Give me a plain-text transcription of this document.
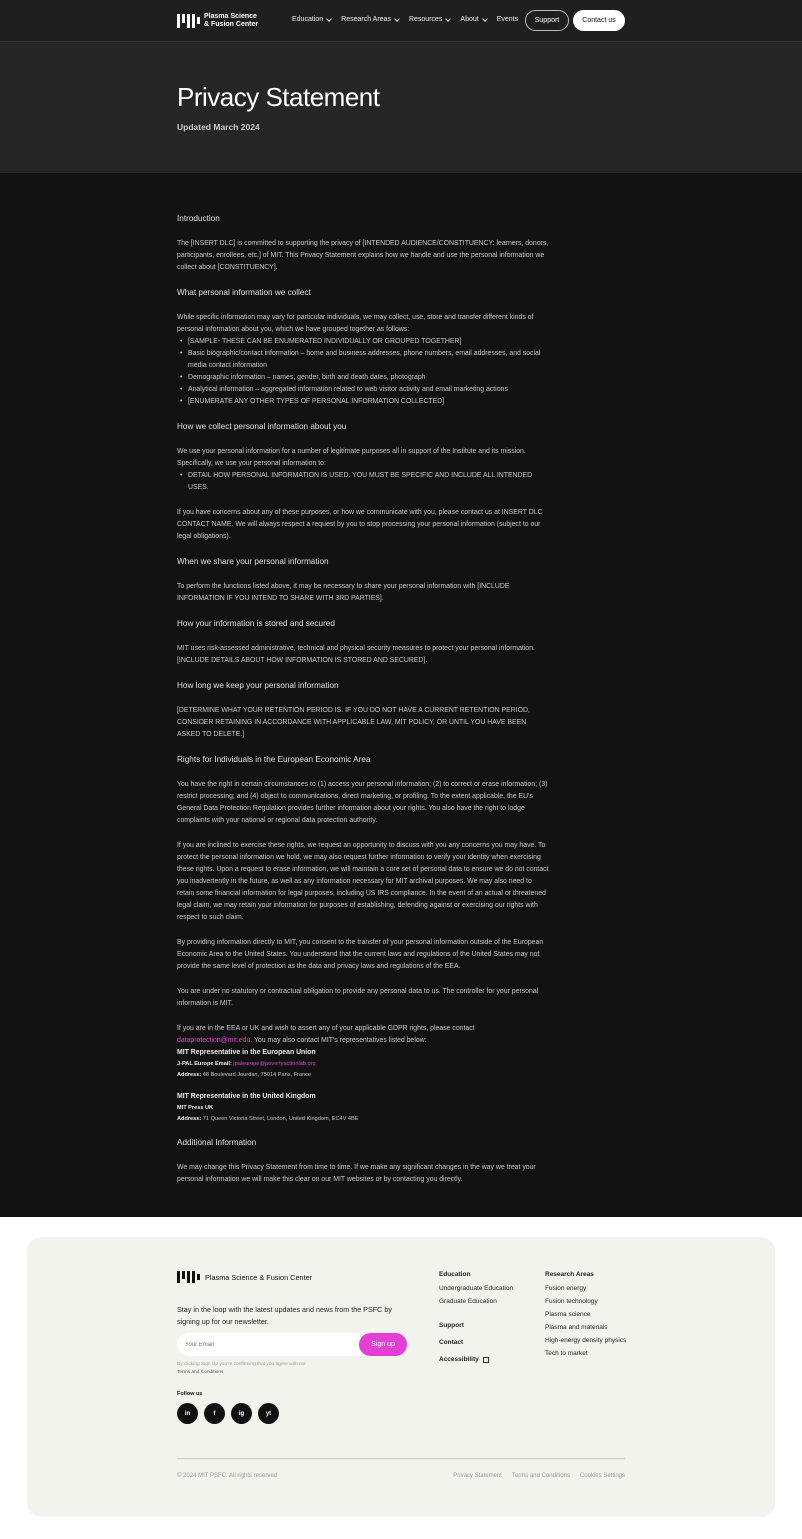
Plasma Science
& Fusion Center
Education	Research Areas	Resources	About	Events	Support	Contact us
Privacy Statement
Updated March 2024
Introduction
The [INSERT DLC] is committed to supporting the privacy of [INTENDED AUDIENCE/CONSTITUENCY: learners, donors, participants, enrollees, etc.] of MIT. This Privacy Statement explains how we handle and use the personal information we collect about [CONSTITUENCY].
What personal information we collect
While specific information may vary for particular individuals, we may collect, use, store and transfer different kinds of personal information about you, which we have grouped together as follows:
• [SAMPLE- THESE CAN BE ENUMERATED INDIVIDUALLY OR GROUPED TOGETHER]
• Basic biographic/contact information – home and business addresses, phone numbers, email addresses, and social media contact information
• Demographic information – names, gender, birth and death dates, photograph
• Analytical information – aggregated information related to web visitor activity and email marketing actions
• [ENUMERATE ANY OTHER TYPES OF PERSONAL INFORMATION COLLECTED]
How we collect personal information about you
We use your personal information for a number of legitimate purposes all in support of the Institute and its mission. Specifically, we use your personal information to:
• DETAIL HOW PERSONAL INFORMATION IS USED. YOU MUST BE SPECIFIC AND INCLUDE ALL INTENDED USES.
If you have concerns about any of these purposes, or how we communicate with you, please contact us at INSERT DLC CONTACT NAME. We will always respect a request by you to stop processing your personal information (subject to our legal obligations).
When we share your personal information
To perform the functions listed above, it may be necessary to share your personal information with [INCLUDE INFORMATION IF YOU INTEND TO SHARE WITH 3RD PARTIES].
How your information is stored and secured
MIT uses risk-assessed administrative, technical and physical security measures to protect your personal information. [INCLUDE DETAILS ABOUT HOW INFORMATION IS STORED AND SECURED].
How long we keep your personal information
[DETERMINE WHAT YOUR RETENTION PERIOD IS. IF YOU DO NOT HAVE A CURRENT RETENTION PERIOD, CONSIDER RETAINING IN ACCORDANCE WITH APPLICABLE LAW, MIT POLICY, OR UNTIL YOU HAVE BEEN ASKED TO DELETE.]
Rights for Individuals in the European Economic Area
You have the right in certain circumstances to (1) access your personal information; (2) to correct or erase information; (3) restrict processing; and (4) object to communications, direct marketing, or profiling. To the extent applicable, the EU's General Data Protection Regulation provides further information about your rights. You also have the right to lodge complaints with your national or regional data protection authority.
If you are inclined to exercise these rights, we request an opportunity to discuss with you any concerns you may have. To protect the personal information we hold, we may also request further information to verify your identity when exercising these rights. Upon a request to erase information, we will maintain a core set of personal data to ensure we do not contact you inadvertently in the future, as well as any information necessary for MIT archival purposes. We may also need to retain some financial information for legal purposes, including US IRS compliance. In the event of an actual or threatened legal claim, we may retain your information for purposes of establishing, defending against or exercising our rights with respect to such claim.
By providing information directly to MIT, you consent to the transfer of your personal information outside of the European Economic Area to the United States. You understand that the current laws and regulations of the United States may not provide the same level of protection as the data and privacy laws and regulations of the EEA.
You are under no statutory or contractual obligation to provide any personal data to us. The controller for your personal information is MIT.
If you are in the EEA or UK and wish to assert any of your applicable GDPR rights, please contact dataprotection@mit.edu. You may also contact MIT's representatives listed below:
MIT Representative in the European Union
J-PAL Europe Email: jpaleurope@povertyactionlab.org
Address: 48 Boulevard Jourdan, 75014 Paris, France
MIT Representative in the United Kingdom
MIT Press UK
Address: 71 Queen Victoria Street, London, United Kingdom, EC4V 4BE
Additional Information
We may change this Privacy Statement from time to time. If we make any significant changes in the way we treat your personal information we will make this clear on our MIT websites or by contacting you directly.
Plasma Science & Fusion Center
Stay in the loop with the latest updates and news from the PSFC by signing up for our newsletter.
Your Email
Sign up
By clicking Sign Up you're confirming that you agree with our
Terms and Conditions
Follow us
in	f	ig	yt
Education
Undergraduate Education
Graduate Education
Support
Contact
Accessibility
Research Areas
Fusion energy
Fusion technology
Plasma science
Plasma and materials
High-energy density physics
Tech to market
© 2024 MIT PSFC. All rights reserved	Privacy Statement Terms and Conditions Cookies Settings
